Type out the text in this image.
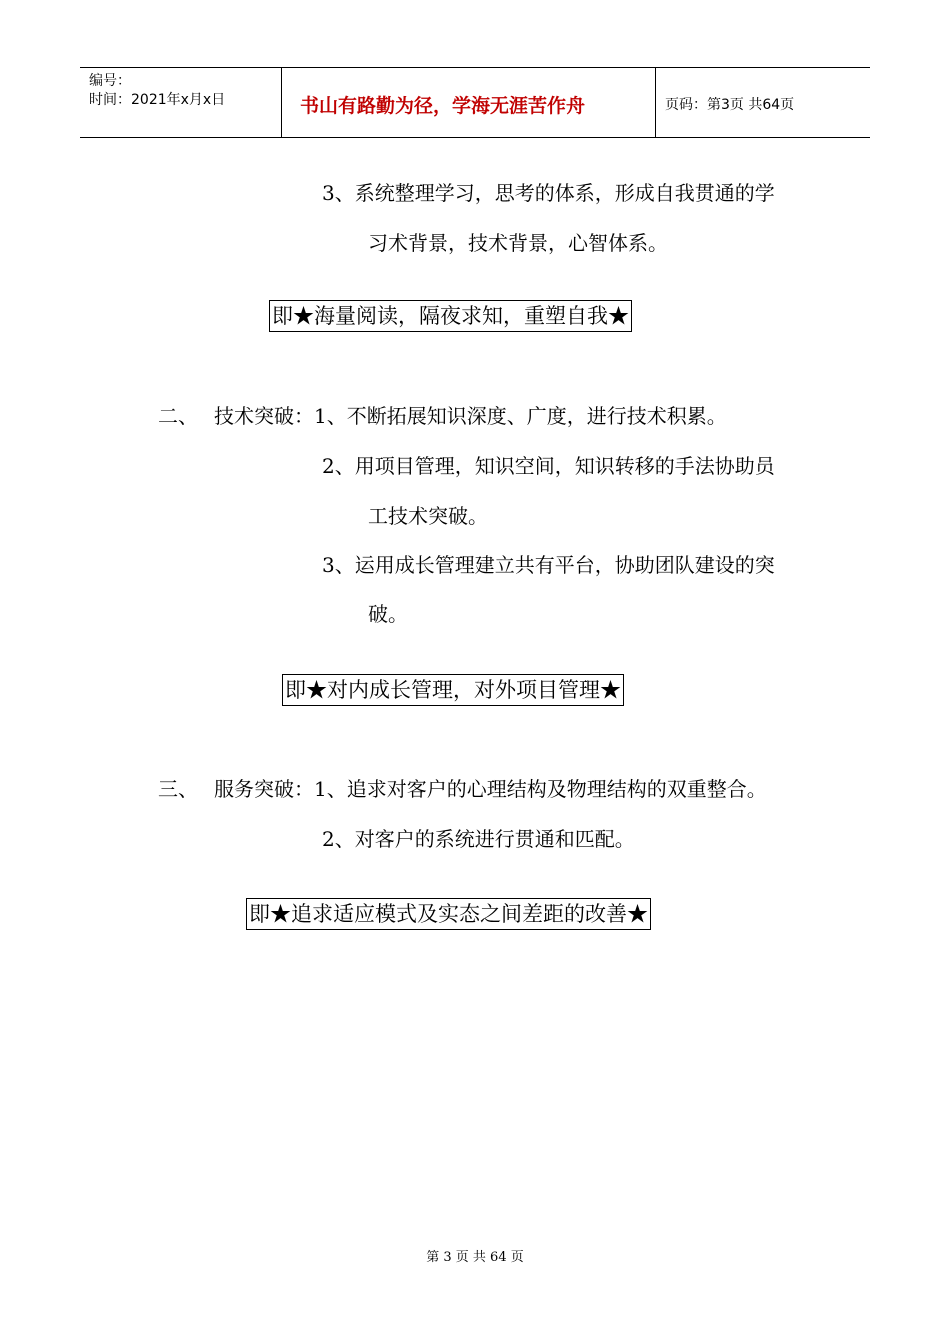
编号：
时间：2021年x月x日	书山有路勤为径，学海无涯苦作舟	页码：第3页 共64页
3、系统整理学习，思考的体系，形成自我贯通的学
习术背景，技术背景，心智体系。
即★海量阅读，隔夜求知，重塑自我★
二、 技术突破：1、不断拓展知识深度、广度，进行技术积累。
2、用项目管理，知识空间，知识转移的手法协助员
工技术突破。
3、运用成长管理建立共有平台，协助团队建设的突
破。
即★对内成长管理，对外项目管理★
三、 服务突破：1、追求对客户的心理结构及物理结构的双重整合。
2、对客户的系统进行贯通和匹配。
即★追求适应模式及实态之间差距的改善★
第 3 页 共 64 页
